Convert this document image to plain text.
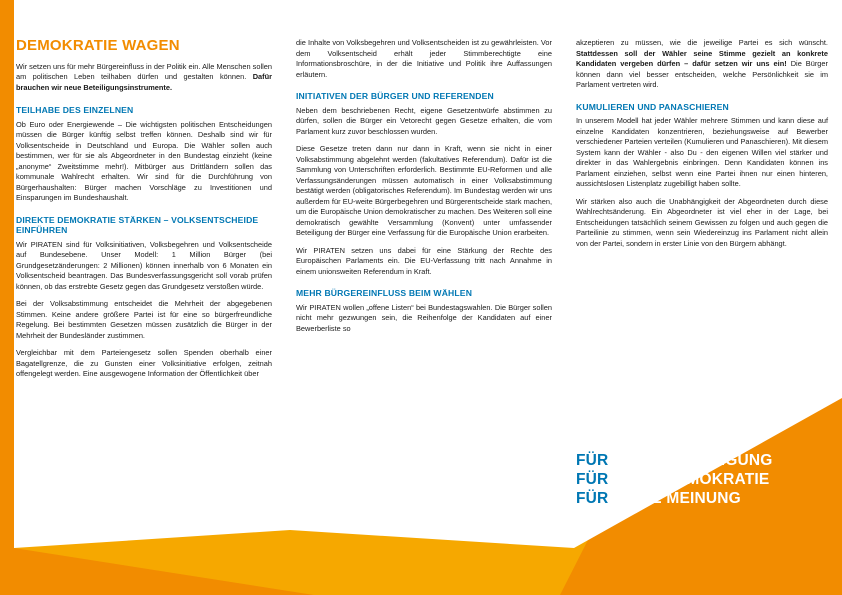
DEMOKRATIE WAGEN

Wir setzen uns für mehr Bürgereinfluss in der Politik ein. Alle Menschen sollen am politischen Leben teilhaben dürfen und gestalten können. Dafür brauchen wir neue Beteiligungsinstrumente.

TEILHABE DES EINZELNEN

Ob Euro oder Energiewende – Die wichtigsten politischen Entscheidungen müssen die Bürger künftig selbst treffen können. Deshalb sind wir für Volksentscheide in Deutschland und Europa. Die Wähler sollen auch bestimmen, wer für sie als Abgeordneter in den Bundestag einzieht (keine „anonyme“ Zweitstimme mehr!). Mitbürger aus Drittländern sollen das kommunale Wahlrecht erhalten. Wir sind für die Durchführung von Bürgerhaushalten: Bürger machen Vorschläge zu Investitionen und Einsparungen im Bundeshaushalt.

DIREKTE DEMOKRATIE STÄRKEN – VOLKSENTSCHEIDE EINFÜHREN

Wir PIRATEN sind für Volksinitiativen, Volksbegehren und Volksentscheide auf Bundesebene. Unser Modell: 1 Million Bürger (bei Grundgesetzänderungen: 2 Millionen) können innerhalb von 6 Monaten ein Volksentscheid beantragen. Das Bundesverfassungsgericht soll vorab prüfen können, ob das erstrebte Gesetz gegen das Grundgesetz verstoßen würde.

Bei der Volksabstimmung entscheidet die Mehrheit der abgegebenen Stimmen. Keine andere größere Partei ist für eine so bürgerfreundliche Regelung. Bei bestimmten Gesetzen müssen zusätzlich die Bürger in der Mehrheit der Bundesländer zustimmen.

Vergleichbar mit dem Parteiengesetz sollen Spenden oberhalb einer Bagatellgrenze, die zu Gunsten einer Volksinitiative erfolgen, zeitnah offengelegt werden. Eine ausgewogene Information der Öffentlichkeit über

die Inhalte von Volksbegehren und Volksentscheiden ist zu gewährleisten. Vor dem Volksentscheid erhält jeder Stimmberechtigte eine Informationsbroschüre, in der die Initiative und Politik ihre Auffassungen erläutern.

INITIATIVEN DER BÜRGER UND REFERENDEN

Neben dem beschriebenen Recht, eigene Gesetzentwürfe abstimmen zu dürfen, sollen die Bürger ein Vetorecht gegen Gesetze erhalten, die vom Parlament kurz zuvor beschlossen wurden.

Diese Gesetze treten dann nur dann in Kraft, wenn sie nicht in einer Volksabstimmung abgelehnt werden (fakultatives Referendum). Dafür ist die Sammlung von Unterschriften erforderlich. Bestimmte EU-Reformen und alle Verfassungsänderungen müssen automatisch in einer Volksabstimmung bestätigt werden (obligatorisches Referendum). Im Bundestag werden wir uns außerdem für EU-weite Bürgerbegehren und Bürgerentscheide stark machen, um die Europäische Union demokratischer zu machen. Des Weiteren soll eine demokratisch gewählte Versammlung (Konvent) unter umfassender Beteiligung der Bürger eine Verfassung für die Europäische Union erarbeiten.

Wir PIRATEN setzen uns dabei für eine Stärkung der Rechte des Europäischen Parlaments ein. Die EU-Verfassung tritt nach Annahme in einem unionsweiten Referendum in Kraft.

MEHR BÜRGEREINFLUSS BEIM WÄHLEN

Wir PIRATEN wollen „offene Listen“ bei Bundestagswahlen. Die Bürger sollen nicht mehr gezwungen sein, die Reihenfolge der Kandidaten auf einer Bewerberliste so

akzeptieren zu müssen, wie die jeweilige Partei es sich wünscht. Stattdessen soll der Wähler seine Stimme gezielt an konkrete Kandidaten vergeben dürfen – dafür setzen wir uns ein! Die Bürger können dann viel besser entscheiden, welche Persönlichkeit sie im Parlament vertreten wird.

KUMULIEREN UND PANASCHIEREN

In unserem Modell hat jeder Wähler mehrere Stimmen und kann diese auf einzelne Kandidaten konzentrieren, beziehungsweise auf Bewerber verschiedener Parteien verteilen (Kumulieren und Panaschieren). Mit diesem System kann der Wähler - also Du - den eigenen Willen viel stärker und direkter in das Wahlergebnis einbringen. Denn Kandidaten können ins Parlament einziehen, selbst wenn eine Partei ihnen nur einen hinteren, aussichtslosen Listenplatz zugebilligt haben sollte.

Wir stärken also auch die Unabhängigkeit der Abgeordneten durch diese Wahlrechtsänderung. Ein Abgeordneter ist viel eher in der Lage, bei Entscheidungen tatsächlich seinem Gewissen zu folgen und auch gegen die Parteilinie zu stimmen, wenn sein Wiedereinzug ins Parlament nicht allein von der Partei, sondern in erster Linie von den Bürgern abhängt.

FÜR MEHR BETEILIGUNG
FÜR MEHR DEMOKRATIE
FÜR DEINE MEINUNG
